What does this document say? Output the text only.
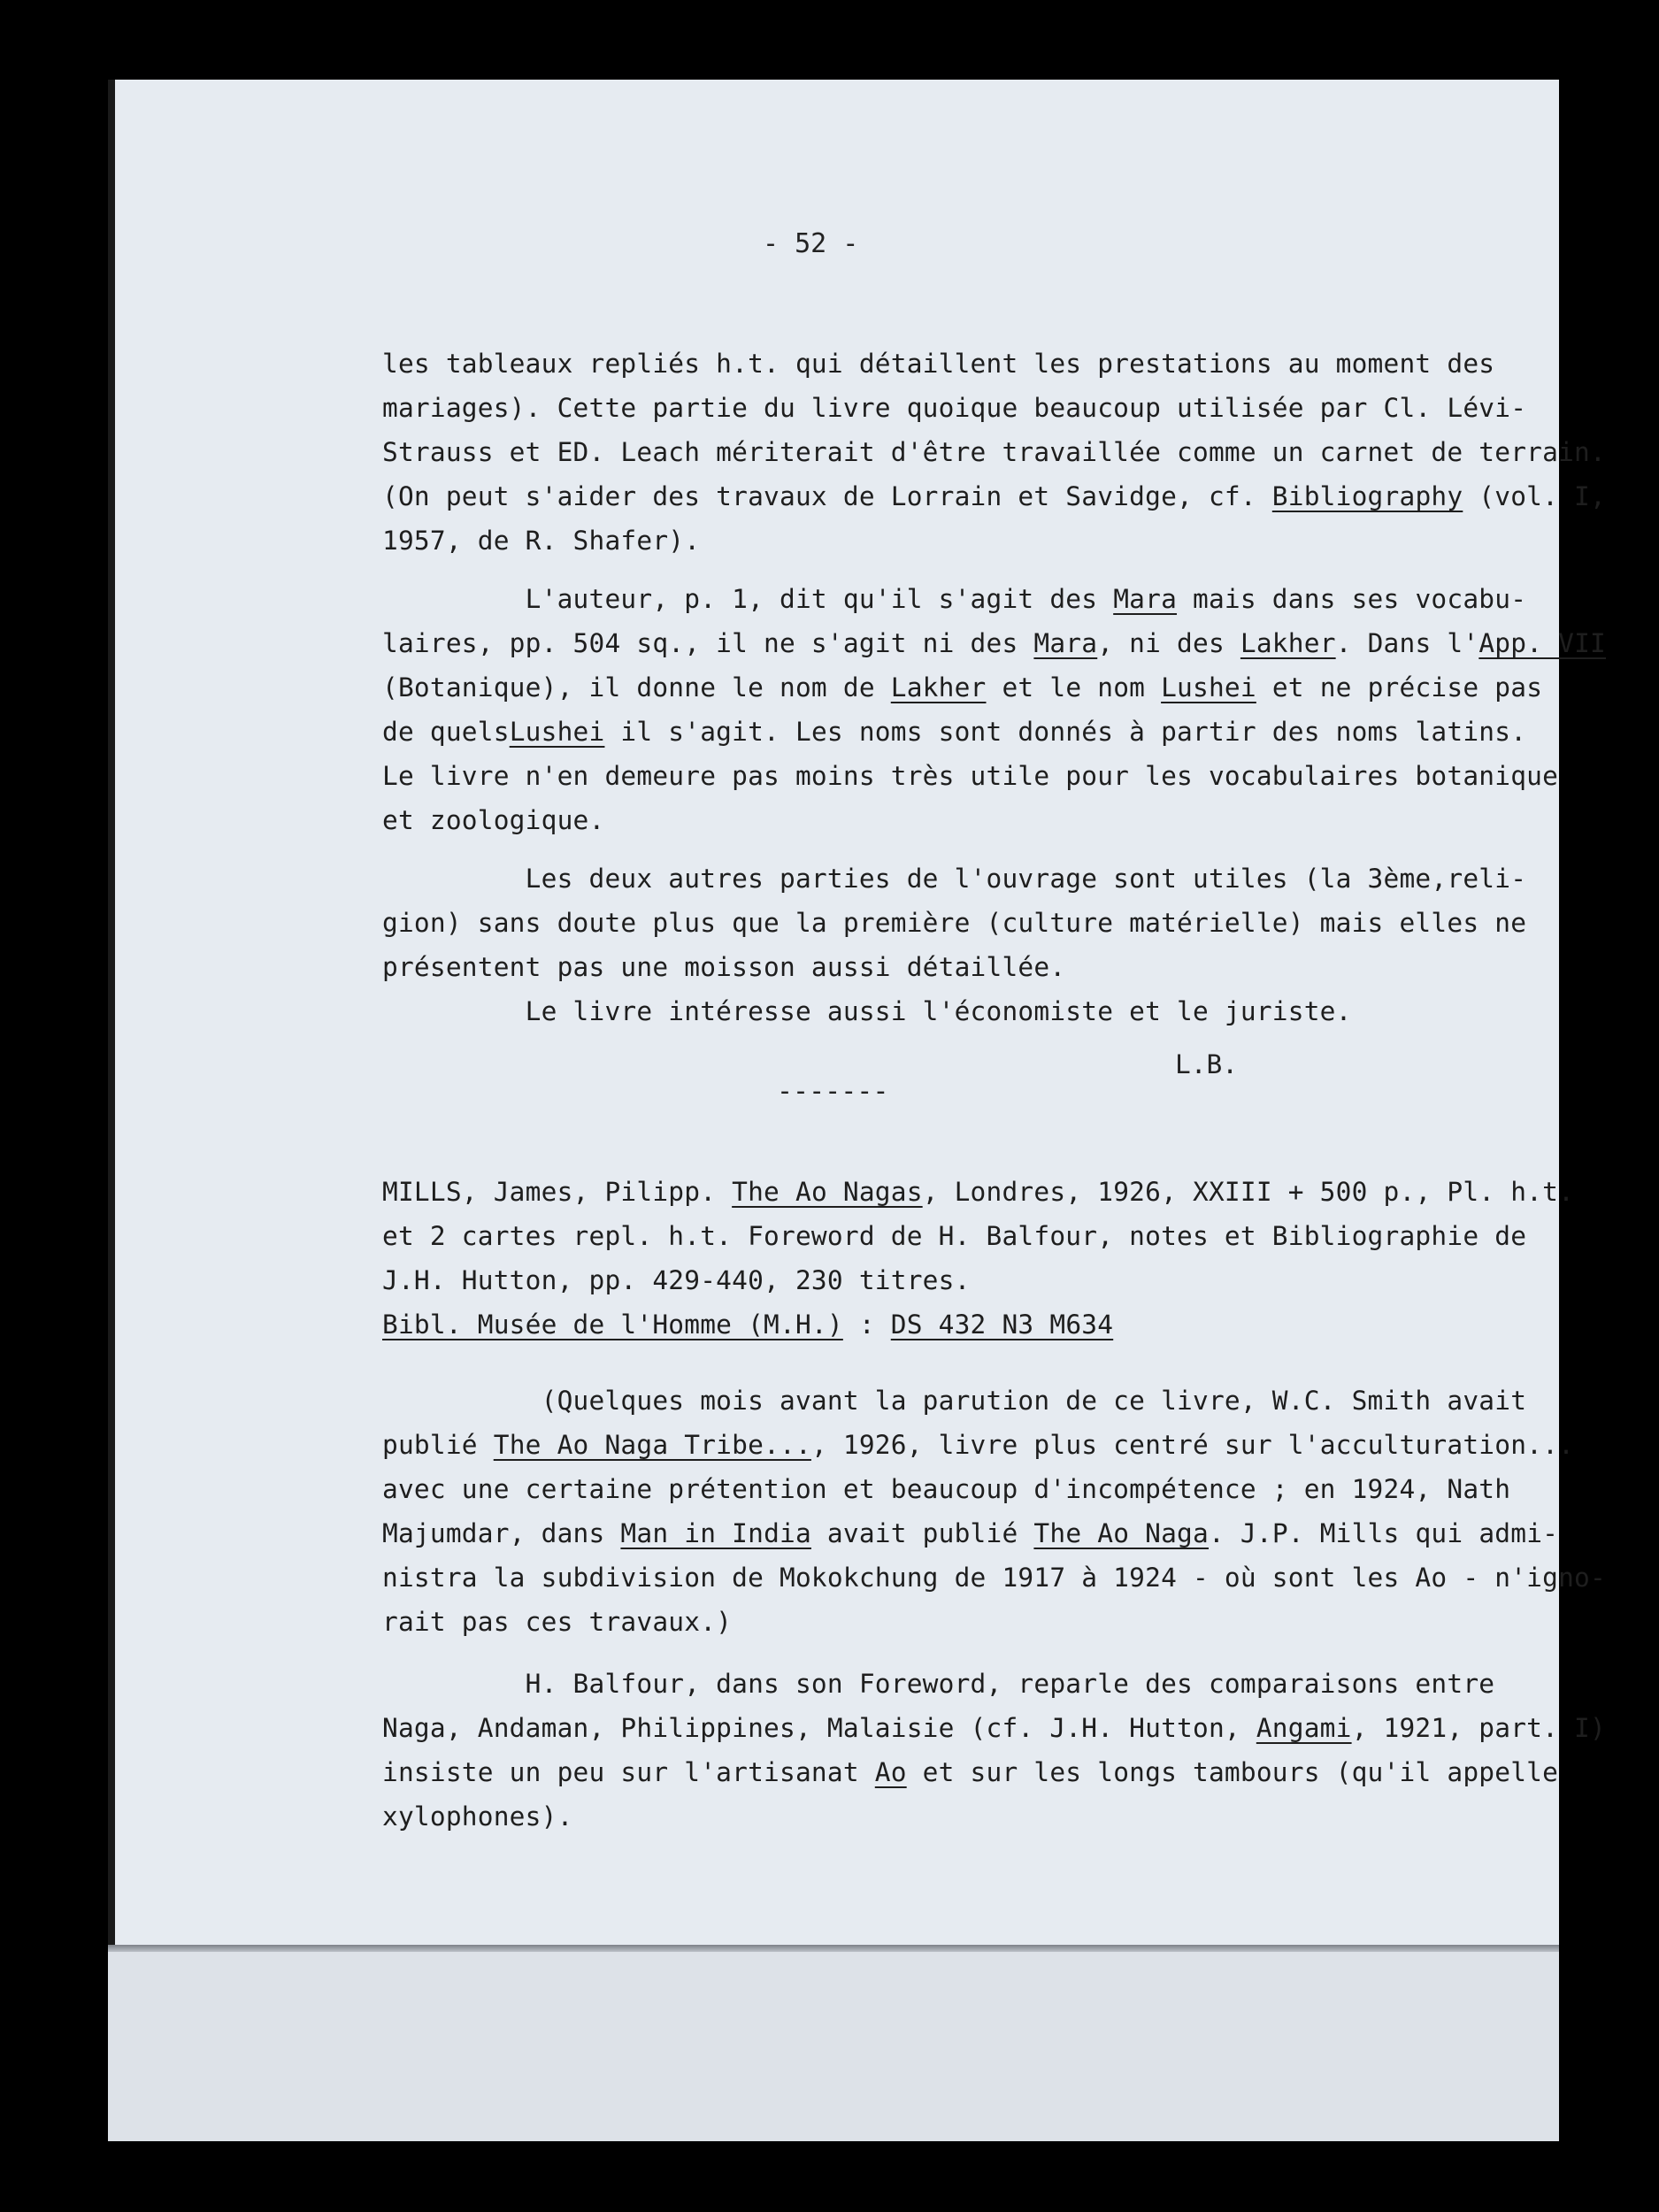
- 52 -

les tableaux repliés h.t. qui détaillent les prestations au moment des

mariages). Cette partie du livre quoique beaucoup utilisée par Cl. Lévi-

Strauss et ED. Leach mériterait d'être travaillée comme un carnet de terrain.

(On peut s'aider des travaux de Lorrain et Savidge, cf. Bibliography (vol. I,

1957, de R. Shafer).

L'auteur, p. 1, dit qu'il s'agit des Mara mais dans ses vocabu-

laires, pp. 504 sq., il ne s'agit ni des Mara, ni des Lakher. Dans l'App. VII

(Botanique), il donne le nom de Lakher et le nom Lushei et ne précise pas

de quelsLushei il s'agit. Les noms sont donnés à partir des noms latins.

Le livre n'en demeure pas moins très utile pour les vocabulaires botanique

et zoologique.

Les deux autres parties de l'ouvrage sont utiles (la 3ème,reli-

gion) sans doute plus que la première (culture matérielle) mais elles ne

présentent pas une moisson aussi détaillée.

Le livre intéresse aussi l'économiste et le juriste.

L.B.
-------

MILLS, James, Pilipp. The Ao Nagas, Londres, 1926, XXIII + 500 p., Pl. h.t.

et 2 cartes repl. h.t. Foreword de H. Balfour, notes et Bibliographie de

J.H. Hutton, pp. 429-440, 230 titres.

Bibl. Musée de l'Homme (M.H.) : DS 432 N3 M634

(Quelques mois avant la parution de ce livre, W.C. Smith avait

publié The Ao Naga Tribe..., 1926, livre plus centré sur l'acculturation...

avec une certaine prétention et beaucoup d'incompétence ; en 1924, Nath

Majumdar, dans Man in India avait publié The Ao Naga. J.P. Mills qui admi-

nistra la subdivision de Mokokchung de 1917 à 1924 - où sont les Ao - n'igno-

rait pas ces travaux.)

H. Balfour, dans son Foreword, reparle des comparaisons entre

Naga, Andaman, Philippines, Malaisie (cf. J.H. Hutton, Angami, 1921, part. I)

insiste un peu sur l'artisanat Ao et sur les longs tambours (qu'il appelle

xylophones).
